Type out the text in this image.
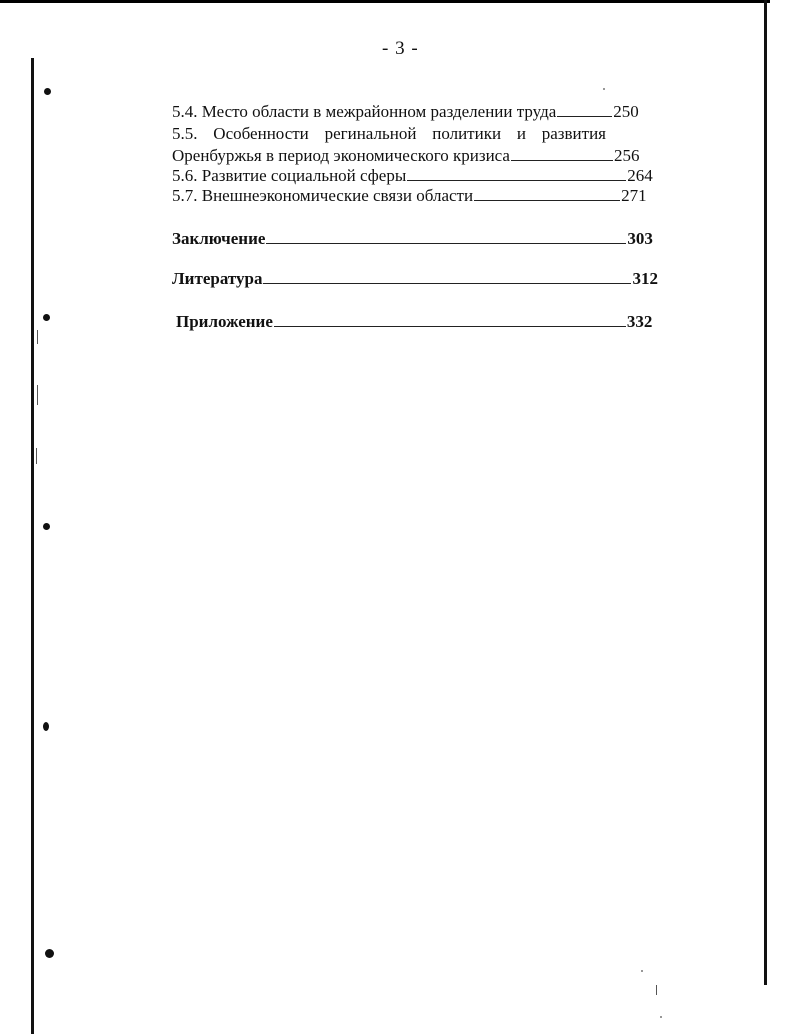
- 3 -
5.4. Место области в межрайонном разделении труда	250
5.5. Особенности регинальной политики и развития
Оренбуржья в период экономического кризиса	256
5.6. Развитие социальной сферы	264
5.7. Внешнеэкономические связи области	271
Заключение	303
Литература	312
Приложение	332
